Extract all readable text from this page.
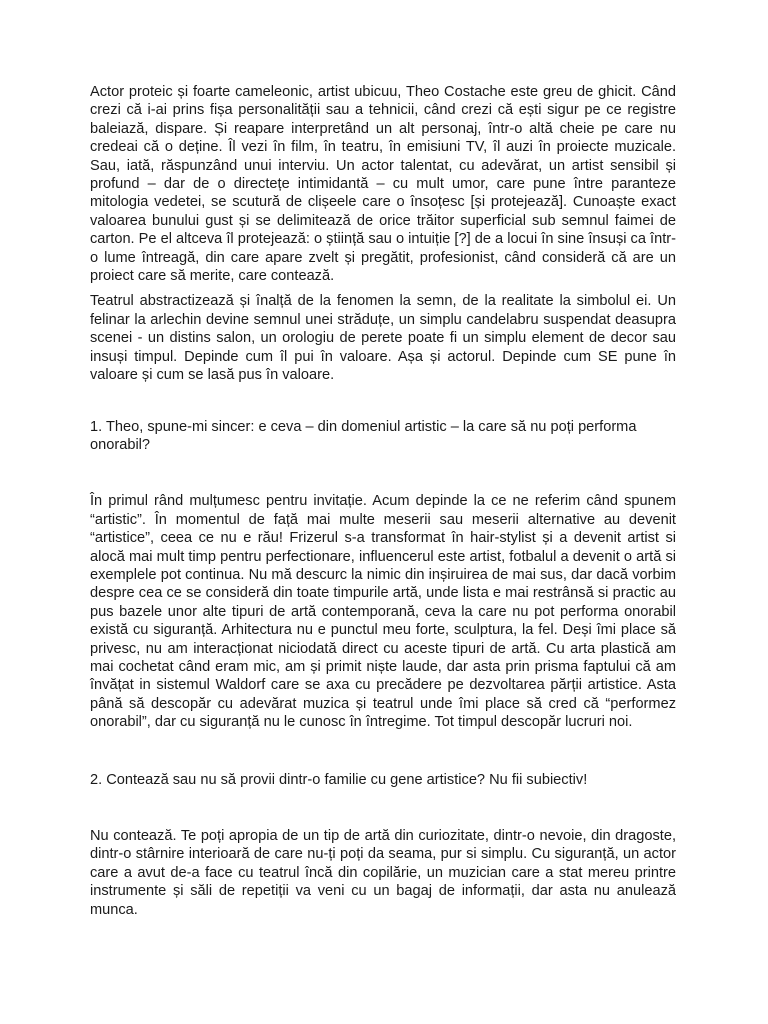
Actor proteic și foarte cameleonic, artist ubicuu, Theo Costache este greu de ghicit. Când crezi că i-ai prins fișa personalității sau a tehnicii, când crezi că ești sigur pe ce registre baleiază, dispare. Și reapare interpretând un alt personaj, într-o altă cheie pe care nu credeai că o deține. Îl vezi în film, în teatru, în emisiuni TV, îl auzi în proiecte muzicale. Sau, iată, răspunzând unui interviu. Un actor talentat, cu adevărat, un artist sensibil și profund – dar de o directețe intimidantă – cu mult umor, care pune între paranteze mitologia vedetei, se scutură de clișeele care o însoțesc [și protejează]. Cunoaște exact valoarea bunului gust și se delimitează de orice trăitor superficial sub semnul faimei de carton. Pe el altceva îl protejează: o știință sau o intuiție [?] de a locui în sine însuși ca într-o lume întreagă, din care apare zvelt și pregătit, profesionist, când consideră că are un proiect care să merite, care contează.

Teatrul abstractizează și înalță de la fenomen la semn, de la realitate la simbolul ei. Un felinar la arlechin devine semnul unei străduțe, un simplu candelabru suspendat deasupra scenei - un distins salon, un orologiu de perete poate fi un simplu element de decor sau insuși timpul. Depinde cum îl pui în valoare. Așa și actorul. Depinde cum SE pune în valoare și cum se lasă pus în valoare.

1. Theo, spune-mi sincer: e ceva – din domeniul artistic – la care să nu poți performa onorabil?

În primul rând mulțumesc pentru invitație. Acum depinde la ce ne referim când spunem “artistic”. În momentul de față mai multe meserii sau meserii alternative au devenit “artistice”, ceea ce nu e rău! Frizerul s-a transformat în hair-stylist și a devenit artist si alocă mai mult timp pentru perfectionare, influencerul este artist, fotbalul a devenit o artă si exemplele pot continua. Nu mă descurc la nimic din inșiruirea de mai sus, dar dacă vorbim despre cea ce se consideră din toate timpurile artă, unde lista e mai restrânsă si practic au pus bazele unor alte tipuri de artă contemporană, ceva la care nu pot performa onorabil există cu siguranță. Arhitectura nu e punctul meu forte, sculptura, la fel. Deși îmi place să privesc, nu am interacționat niciodată direct cu aceste tipuri de artă. Cu arta plastică am mai cochetat când eram mic, am și primit niște laude, dar asta prin prisma faptului că am învățat in sistemul Waldorf care se axa cu precădere pe dezvoltarea părții artistice. Asta până să descopăr cu adevărat muzica și teatrul unde îmi place să cred că “performez onorabil”, dar cu siguranță nu le cunosc în întregime. Tot timpul descopăr lucruri noi.

2. Contează sau nu să provii dintr-o familie cu gene artistice? Nu fii subiectiv!

Nu contează. Te poți apropia de un tip de artă din curiozitate, dintr-o nevoie, din dragoste, dintr-o stârnire interioară de care nu-ți poți da seama, pur si simplu. Cu siguranță, un actor care a avut de-a face cu teatrul încă din copilărie, un muzician care a stat mereu printre instrumente și săli de repetiții va veni cu un bagaj de informații, dar asta nu anulează munca.
